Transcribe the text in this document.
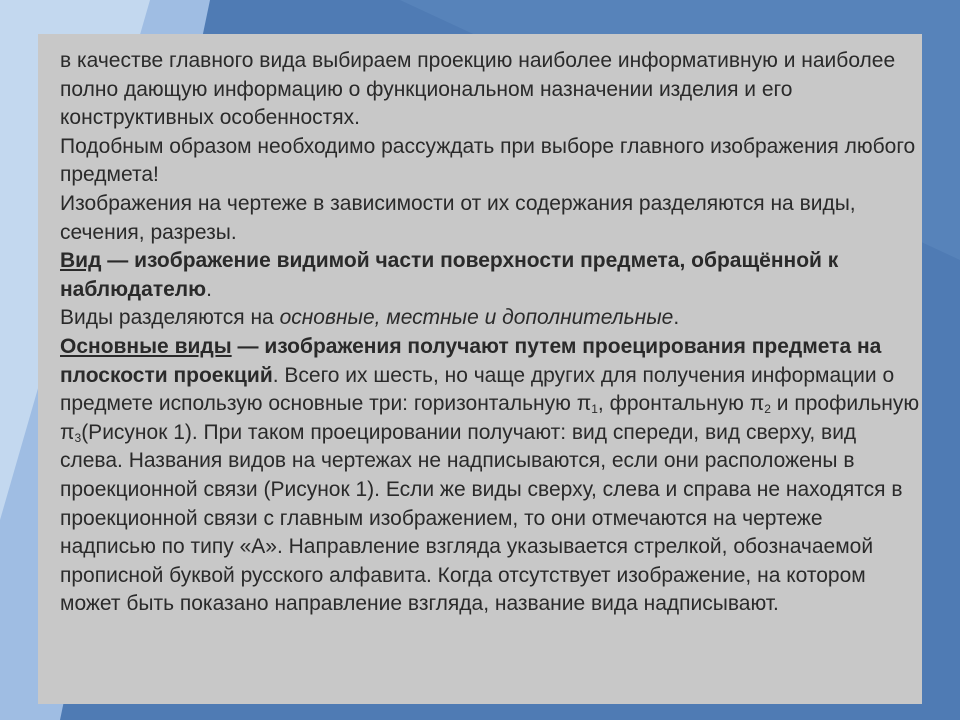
в качестве главного вида выбираем проекцию наиболее информативную и наиболее полно дающую информацию о функциональном назначении изделия и его конструктивных особенностях.

Подобным образом необходимо рассуждать при выборе главного изображения любого предмета!

Изображения на чертеже в зависимости от их содержания разделяются на виды, сечения, разрезы.

Вид — изображение видимой части поверхности предмета, обращённой к наблюдателю.

Виды разделяются на основные, местные и дополнительные.

Основные виды — изображения получают путем проецирования предмета на плоскости проекций. Всего их шесть, но чаще других для получения информации о предмете использую основные три: горизонтальную $\pi_1$, фронтальную $\pi_2$ и профильную $\pi_3(Рисунок$ 1). При таком проецировании получают: вид спереди, вид сверху, вид слева. Названия видов на чертежах не надписываются, если они расположены в проекционной связи (Рисунок 1). Если же виды сверху, слева и справа не находятся в проекционной связи с главным изображением, то они отмечаются на чертеже надписью по типу «А». Направление взгляда указывается стрелкой, обозначаемой прописной буквой русского алфавита. Когда отсутствует изображение, на котором может быть показано направление взгляда, название вида надписывают.
